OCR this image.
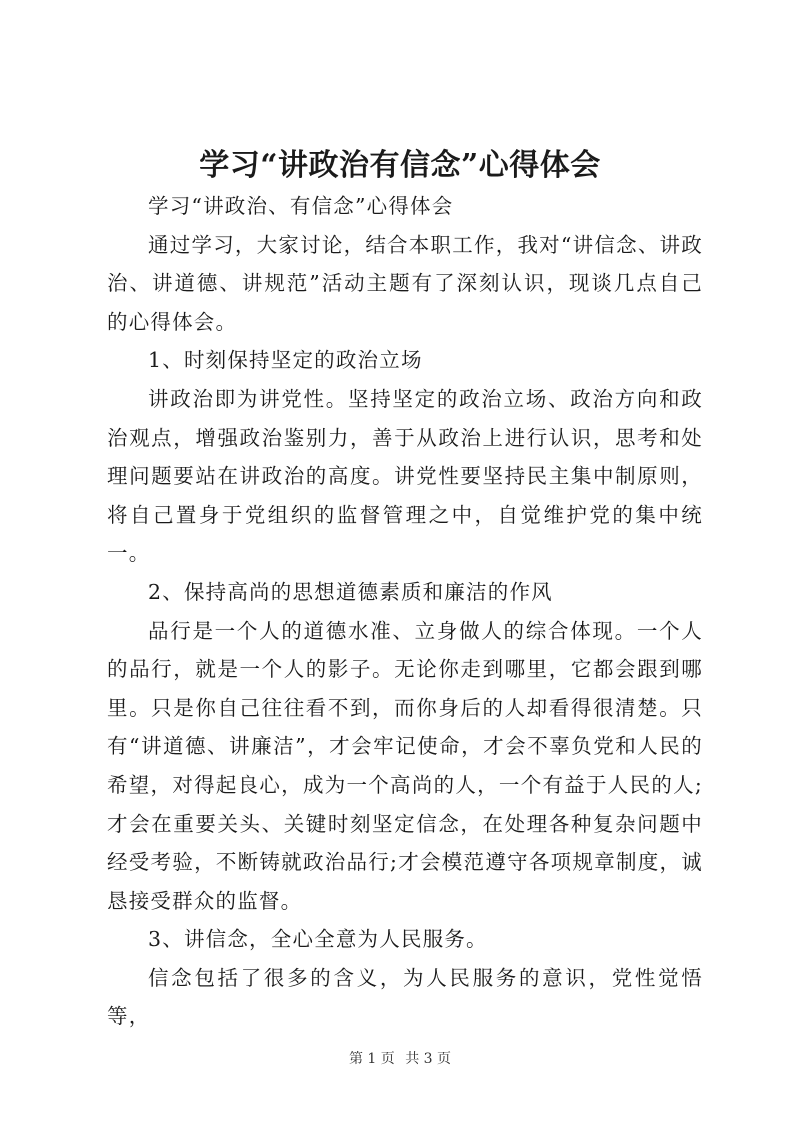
学习“讲政治有信念”心得体会

学习“讲政治、有信念”心得体会

通过学习，大家讨论，结合本职工作，我对“讲信念、讲政治、讲道德、讲规范”活动主题有了深刻认识，现谈几点自己的心得体会。

1、时刻保持坚定的政治立场

讲政治即为讲党性。坚持坚定的政治立场、政治方向和政治观点，增强政治鉴别力，善于从政治上进行认识，思考和处理问题要站在讲政治的高度。讲党性要坚持民主集中制原则，将自己置身于党组织的监督管理之中，自觉维护党的集中统一。

2、保持高尚的思想道德素质和廉洁的作风

品行是一个人的道德水准、立身做人的综合体现。一个人的品行，就是一个人的影子。无论你走到哪里，它都会跟到哪里。只是你自己往往看不到，而你身后的人却看得很清楚。只有“讲道德、讲廉洁”，才会牢记使命，才会不辜负党和人民的希望，对得起良心，成为一个高尚的人，一个有益于人民的人;才会在重要关头、关键时刻坚定信念，在处理各种复杂问题中经受考验，不断铸就政治品行;才会模范遵守各项规章制度，诚恳接受群众的监督。

3、讲信念，全心全意为人民服务。

信念包括了很多的含义，为人民服务的意识，党性觉悟等，

第 1 页 共 3 页
